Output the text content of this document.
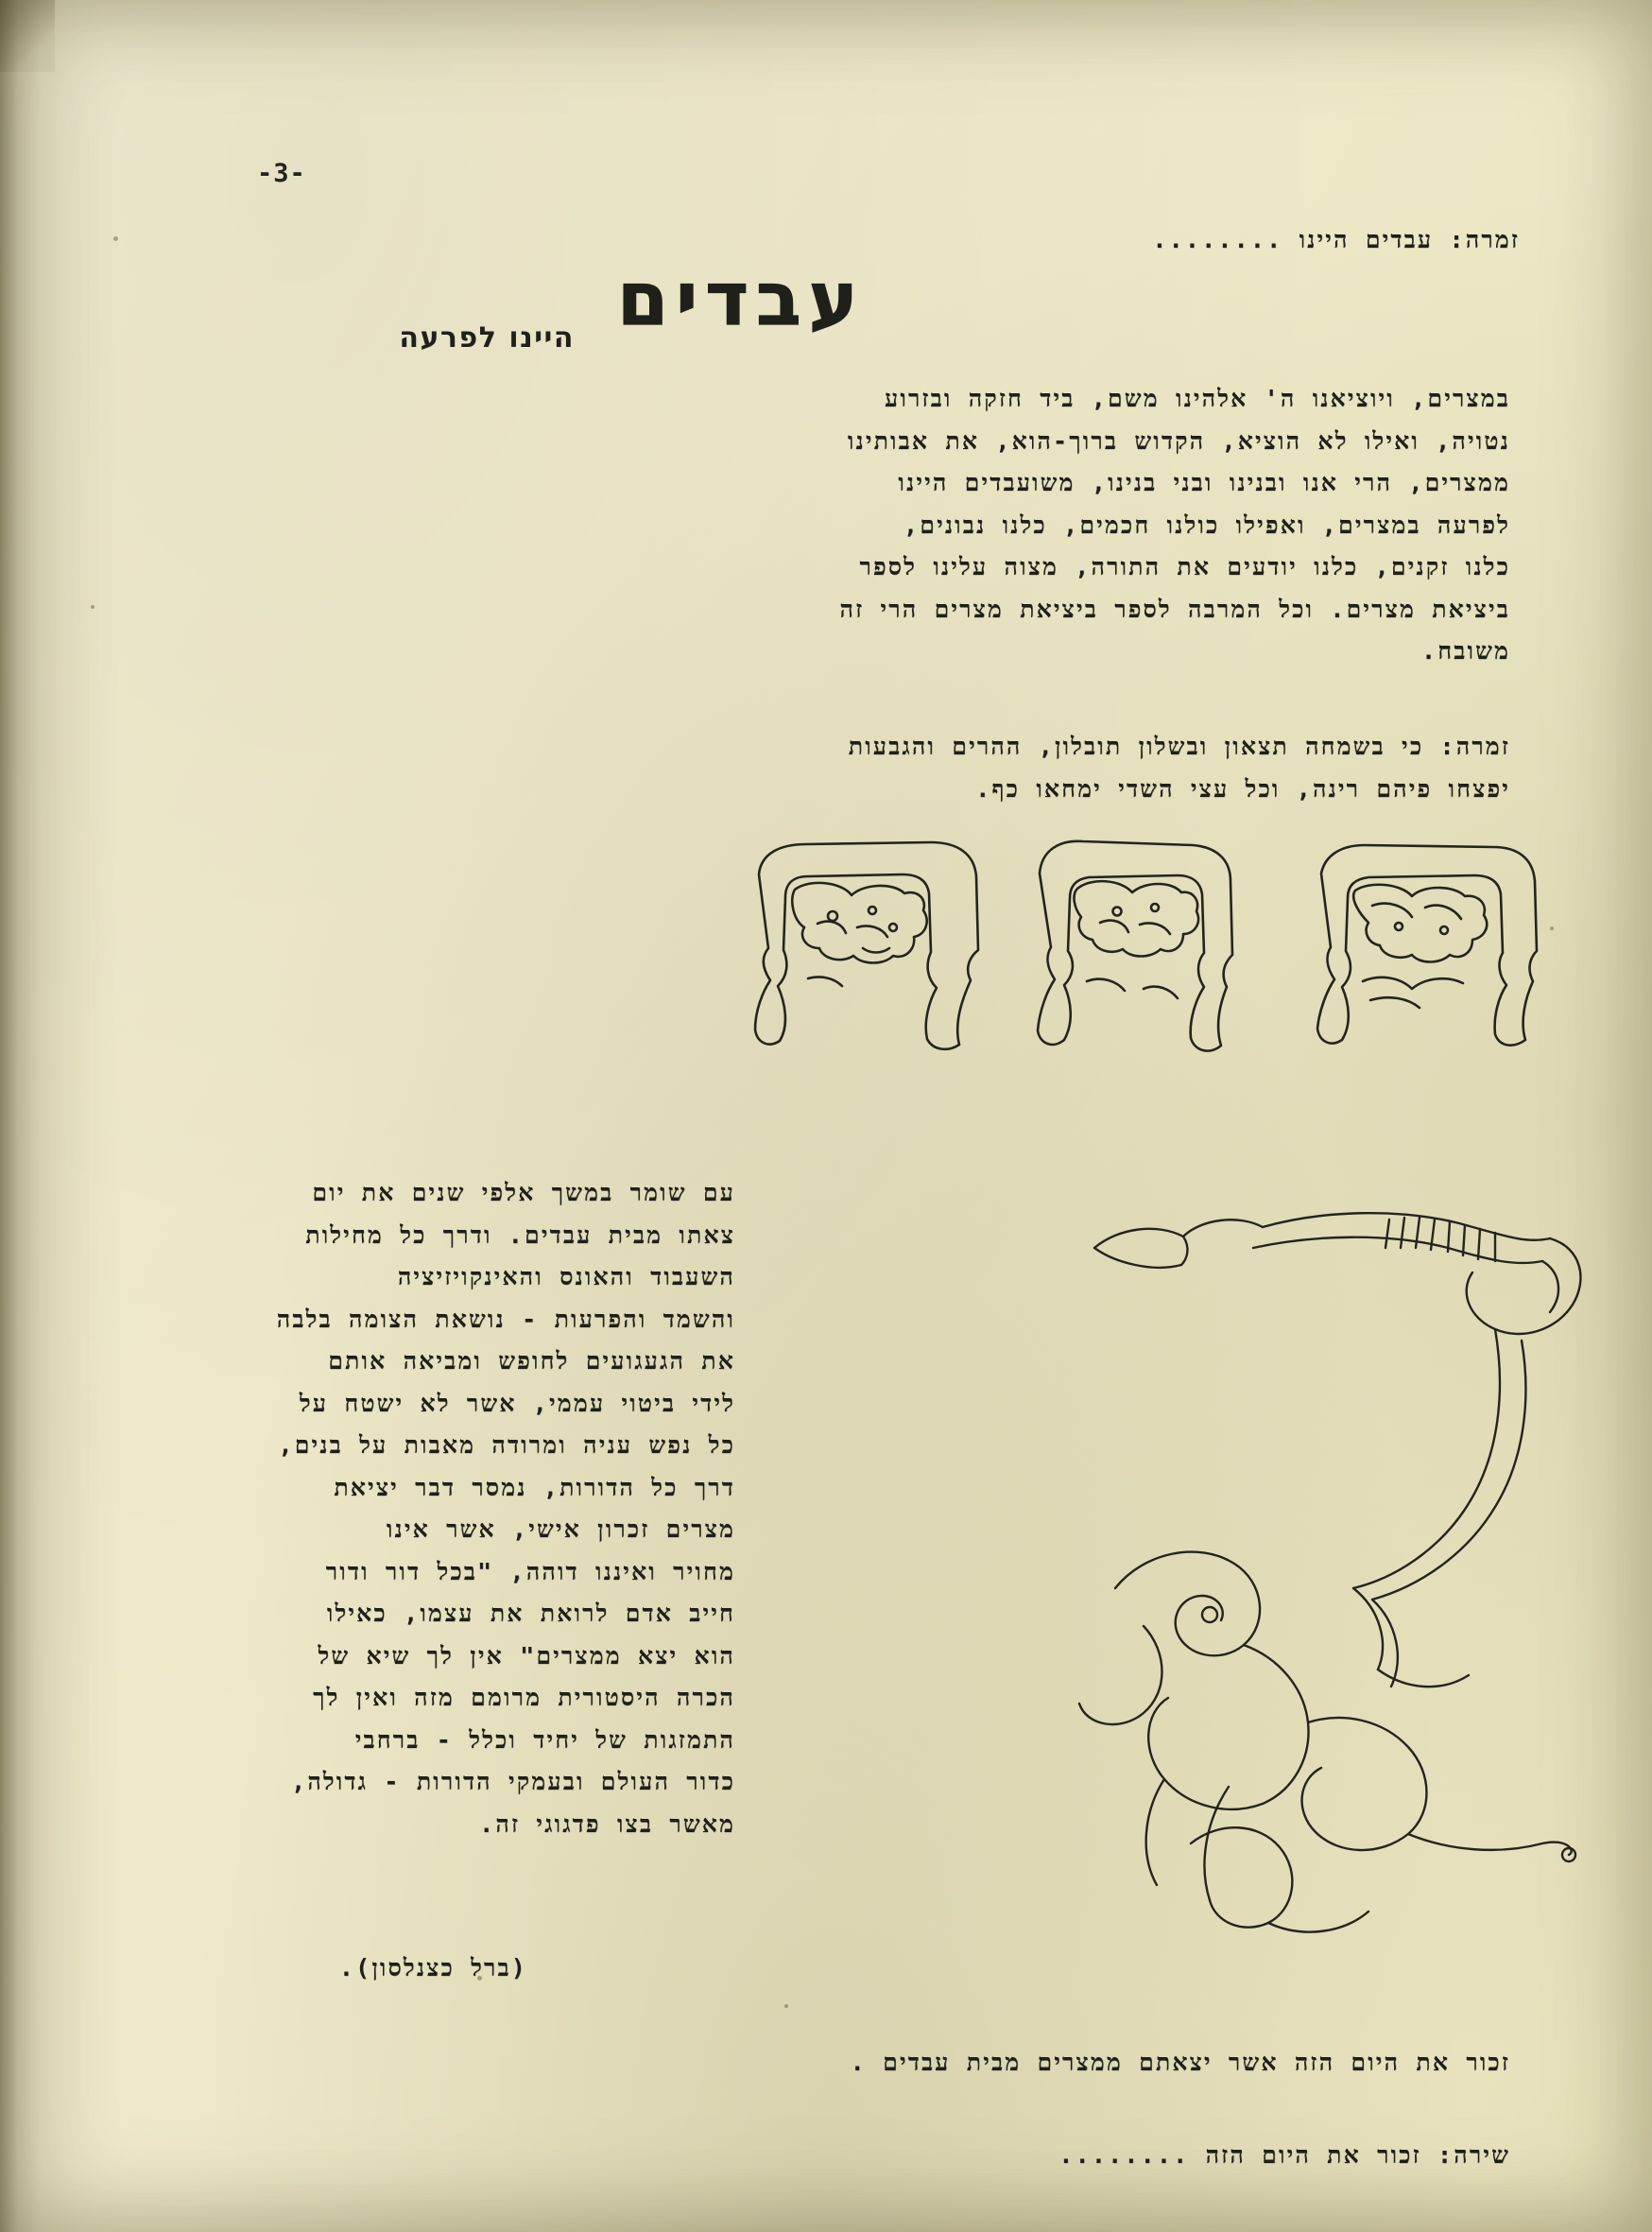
-3-
זמרה: עבדים היינו ........
עבדים
היינו לפרעה
במצרים, ויוציאנו ה' אלהינו משם, ביד חזקה ובזרוע
נטויה, ואילו לא הוציא, הקדוש ברוך-הוא, את אבותינו
ממצרים, הרי אנו ובנינו ובני בנינו, משועבדים היינו
לפרעה במצרים, ואפילו כולנו חכמים, כלנו נבונים,
כלנו זקנים, כלנו יודעים את התורה, מצוה עלינו לספר
ביציאת מצרים. וכל המרבה לספר ביציאת מצרים הרי זה
משובח.
זמרה: כי בשמחה תצאון ובשלון תובלון, ההרים והגבעות
יפצחו פיהם רינה, וכל עצי השדי ימחאו כף.
עם שומר במשך אלפי שנים את יום
צאתו מבית עבדים. ודרך כל מחילות
השעבוד והאונס והאינקויזיציה
והשמד והפרעות - נושאת הצומה בלבה
את הגעגועים לחופש ומביאה אותם
לידי ביטוי עממי, אשר לא ישטח על
כל נפש עניה ומרודה מאבות על בנים,
דרך כל הדורות, נמסר דבר יציאת
מצרים זכרון אישי, אשר אינו
מחויר ואיננו דוהה, "בכל דור ודור
חייב אדם לרואת את עצמו, כאילו
הוא יצא ממצרים" אין לך שיא של
הכרה היסטורית מרומם מזה ואין לך
התמזגות של יחיד וכלל - ברחבי
כדור העולם ובעמקי הדורות - גדולה,
מאשר בצו פדגוגי זה.
(ברל כצנלסון).
זכור את היום הזה אשר יצאתם ממצרים מבית עבדים .
שירה: זכור את היום הזה ........
